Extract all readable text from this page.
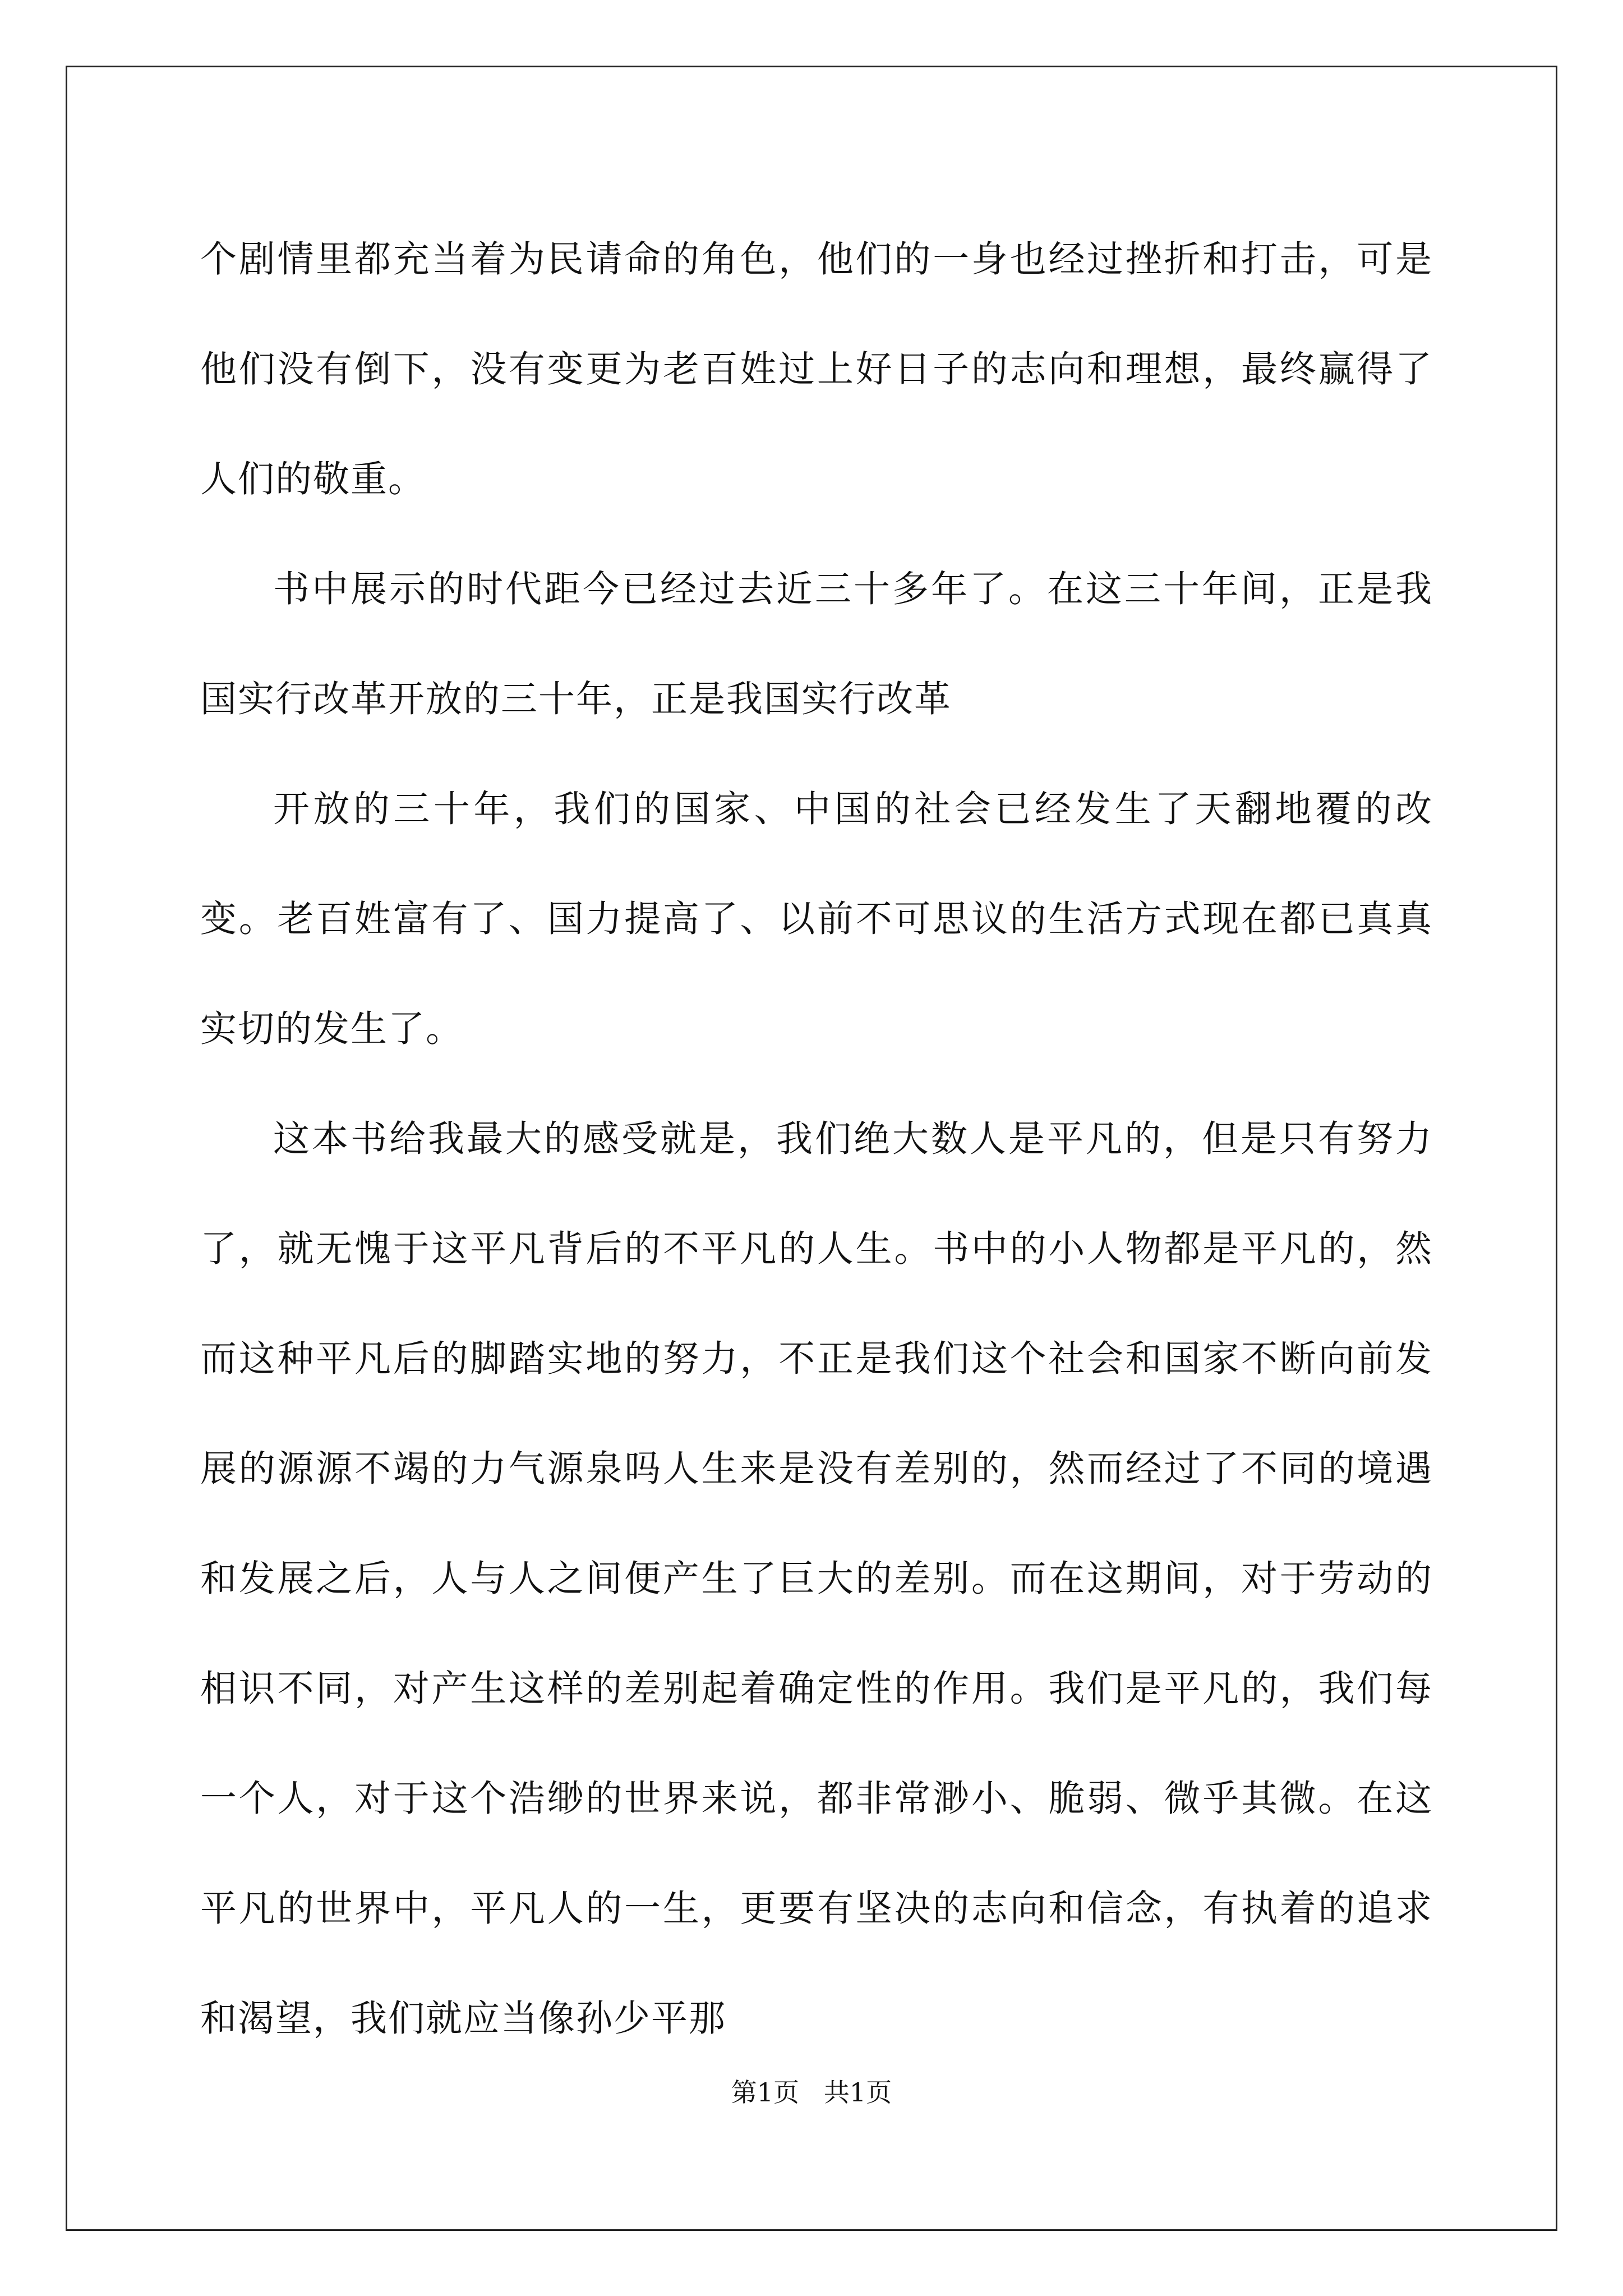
个剧情里都充当着为民请命的角色，他们的一身也经过挫折和打击，可是他们没有倒下，没有变更为老百姓过上好日子的志向和理想，最终赢得了人们的敬重。

书中展示的时代距今已经过去近三十多年了。在这三十年间，正是我国实行改革开放的三十年，正是我国实行改革

开放的三十年，我们的国家、中国的社会已经发生了天翻地覆的改变。老百姓富有了、国力提高了、以前不可思议的生活方式现在都已真真实切的发生了。

这本书给我最大的感受就是，我们绝大数人是平凡的，但是只有努力了，就无愧于这平凡背后的不平凡的人生。书中的小人物都是平凡的，然而这种平凡后的脚踏实地的努力，不正是我们这个社会和国家不断向前发展的源源不竭的力气源泉吗人生来是没有差别的，然而经过了不同的境遇和发展之后，人与人之间便产生了巨大的差别。而在这期间，对于劳动的相识不同，对产生这样的差别起着确定性的作用。我们是平凡的，我们每一个人，对于这个浩缈的世界来说，都非常渺小、脆弱、微乎其微。在这平凡的世界中，平凡人的一生，更要有坚决的志向和信念，有执着的追求和渴望，我们就应当像孙少平那

第1页   共1页
